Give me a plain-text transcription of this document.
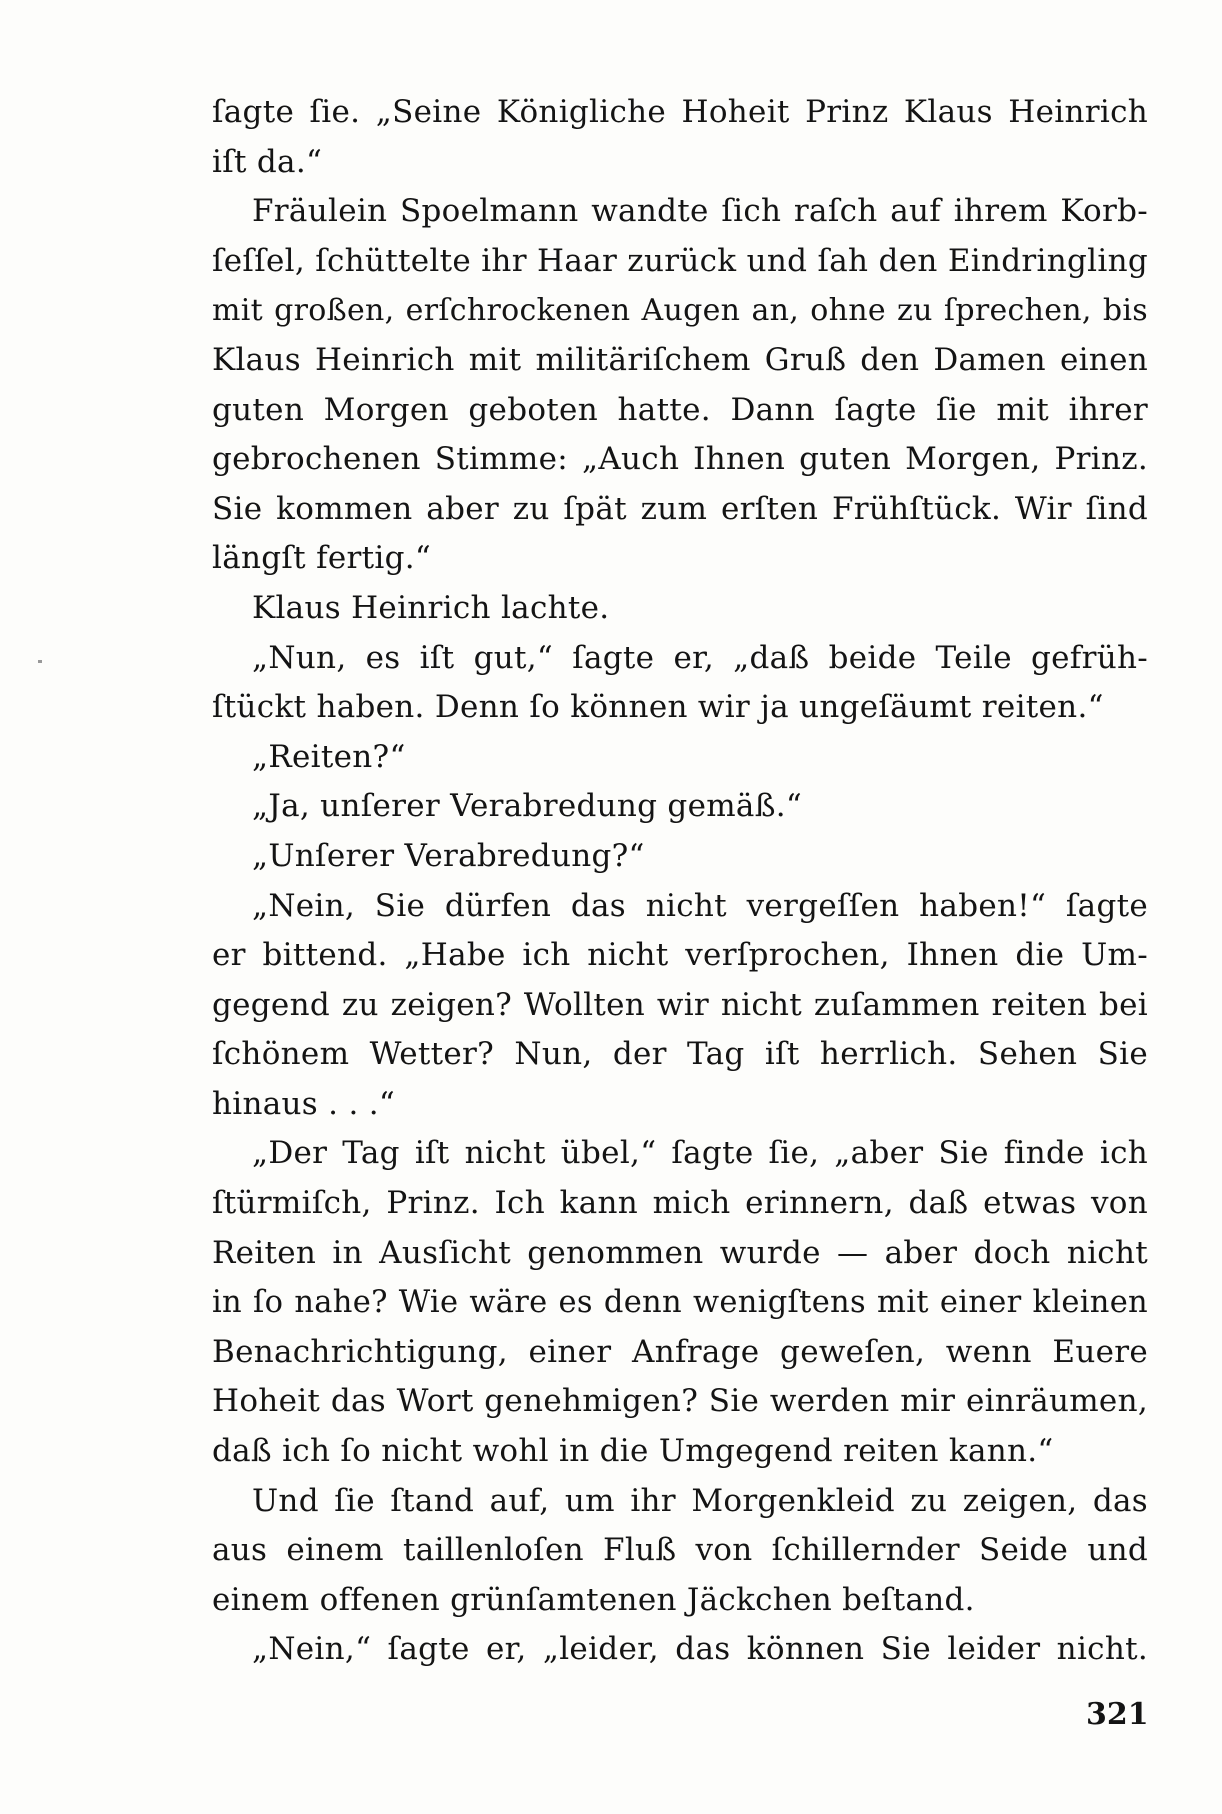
ſagte ſie. „Seine Königliche Hoheit Prinz Klaus Heinrich
iſt da.“
Fräulein Spoelmann wandte ſich raſch auf ihrem Korb-
ſeſſel, ſchüttelte ihr Haar zurück und ſah den Eindringling
mit großen, erſchrockenen Augen an, ohne zu ſprechen, bis
Klaus Heinrich mit militäriſchem Gruß den Damen einen
guten Morgen geboten hatte. Dann ſagte ſie mit ihrer
gebrochenen Stimme: „Auch Ihnen guten Morgen, Prinz.
Sie kommen aber zu ſpät zum erſten Frühſtück. Wir ſind
längſt fertig.“
Klaus Heinrich lachte.
„Nun, es iſt gut,“ ſagte er, „daß beide Teile gefrüh-
ſtückt haben. Denn ſo können wir ja ungeſäumt reiten.“
„Reiten?“
„Ja, unſerer Verabredung gemäß.“
„Unſerer Verabredung?“
„Nein, Sie dürfen das nicht vergeſſen haben!“ ſagte
er bittend. „Habe ich nicht verſprochen, Ihnen die Um-
gegend zu zeigen? Wollten wir nicht zuſammen reiten bei
ſchönem Wetter? Nun, der Tag iſt herrlich. Sehen Sie
hinaus . . .“
„Der Tag iſt nicht übel,“ ſagte ſie, „aber Sie finde ich
ſtürmiſch, Prinz. Ich kann mich erinnern, daß etwas von
Reiten in Ausſicht genommen wurde — aber doch nicht
in ſo nahe? Wie wäre es denn wenigſtens mit einer kleinen
Benachrichtigung, einer Anfrage geweſen, wenn Euere
Hoheit das Wort genehmigen? Sie werden mir einräumen,
daß ich ſo nicht wohl in die Umgegend reiten kann.“
Und ſie ſtand auf, um ihr Morgenkleid zu zeigen, das
aus einem taillenloſen Fluß von ſchillernder Seide und
einem offenen grünſamtenen Jäckchen beſtand.
„Nein,“ ſagte er, „leider, das können Sie leider nicht.
321
